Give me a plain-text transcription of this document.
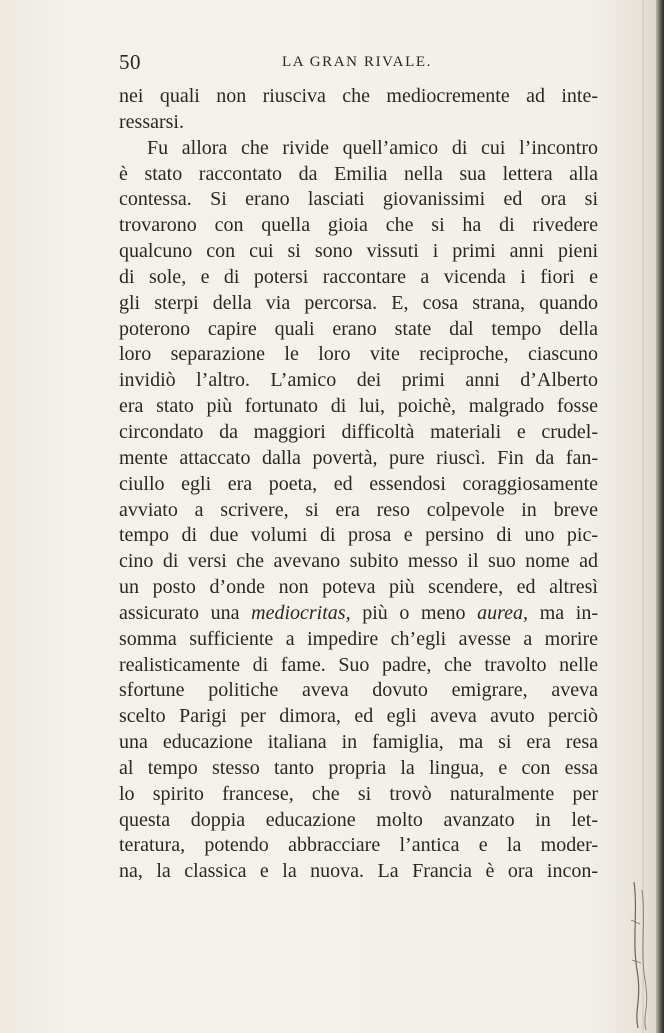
50	LA GRAN RIVALE.
nei quali non riusciva che mediocremente ad inte-
ressarsi.
Fu allora che rivide quell’amico di cui l’incontro
è stato raccontato da Emilia nella sua lettera alla
contessa. Si erano lasciati giovanissimi ed ora si
trovarono con quella gioia che si ha di rivedere
qualcuno con cui si sono vissuti i primi anni pieni
di sole, e di potersi raccontare a vicenda i fiori e
gli sterpi della via percorsa. E, cosa strana, quando
poterono capire quali erano state dal tempo della
loro separazione le loro vite reciproche, ciascuno
invidiò l’altro. L’amico dei primi anni d’Alberto
era stato più fortunato di lui, poichè, malgrado fosse
circondato da maggiori difficoltà materiali e crudel-
mente attaccato dalla povertà, pure riuscì. Fin da fan-
ciullo egli era poeta, ed essendosi coraggiosamente
avviato a scrivere, si era reso colpevole in breve
tempo di due volumi di prosa e persino di uno pic-
cino di versi che avevano subito messo il suo nome ad
un posto d’onde non poteva più scendere, ed altresì
assicurato una mediocritas, più o meno aurea, ma in-
somma sufficiente a impedire ch’egli avesse a morire
realisticamente di fame. Suo padre, che travolto nelle
sfortune politiche aveva dovuto emigrare, aveva
scelto Parigi per dimora, ed egli aveva avuto perciò
una educazione italiana in famiglia, ma si era resa
al tempo stesso tanto propria la lingua, e con essa
lo spirito francese, che si trovò naturalmente per
questa doppia educazione molto avanzato in let-
teratura, potendo abbracciare l’antica e la moder-
na, la classica e la nuova. La Francia è ora incon-
